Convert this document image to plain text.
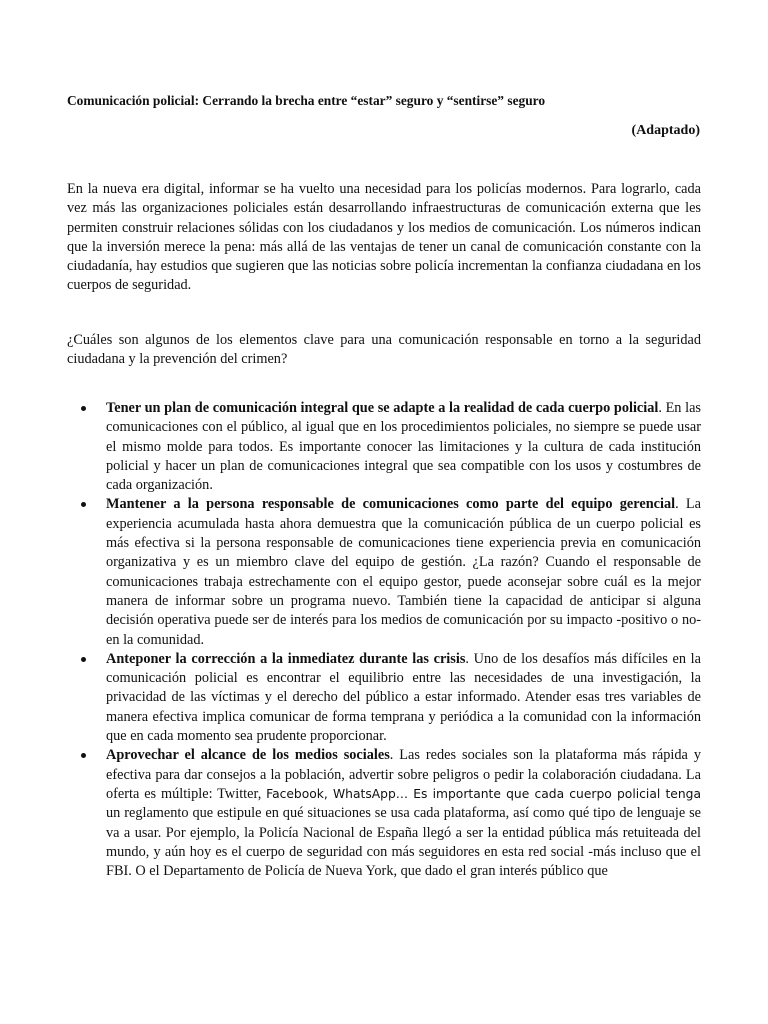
Comunicación policial: Cerrando la brecha entre “estar” seguro y “sentirse” seguro
(Adaptado)

En la nueva era digital, informar se ha vuelto una necesidad para los policías modernos. Para lograrlo, cada vez más las organizaciones policiales están desarrollando infraestructuras de comunicación externa que les permiten construir relaciones sólidas con los ciudadanos y los medios de comunicación. Los números indican que la inversión merece la pena: más allá de las ventajas de tener un canal de comunicación constante con la ciudadanía, hay estudios que sugieren que las noticias sobre policía incrementan la confianza ciudadana en los cuerpos de seguridad.

¿Cuáles son algunos de los elementos clave para una comunicación responsable en torno a la seguridad ciudadana y la prevención del crimen?

Tener un plan de comunicación integral que se adapte a la realidad de cada cuerpo policial. En las comunicaciones con el público, al igual que en los procedimientos policiales, no siempre se puede usar el mismo molde para todos. Es importante conocer las limitaciones y la cultura de cada institución policial y hacer un plan de comunicaciones integral que sea compatible con los usos y costumbres de cada organización.
Mantener a la persona responsable de comunicaciones como parte del equipo gerencial. La experiencia acumulada hasta ahora demuestra que la comunicación pública de un cuerpo policial es más efectiva si la persona responsable de comunicaciones tiene experiencia previa en comunicación organizativa y es un miembro clave del equipo de gestión. ¿La razón? Cuando el responsable de comunicaciones trabaja estrechamente con el equipo gestor, puede aconsejar sobre cuál es la mejor manera de informar sobre un programa nuevo. También tiene la capacidad de anticipar si alguna decisión operativa puede ser de interés para los medios de comunicación por su impacto -positivo o no- en la comunidad.
Anteponer la corrección a la inmediatez durante las crisis. Uno de los desafíos más difíciles en la comunicación policial es encontrar el equilibrio entre las necesidades de una investigación, la privacidad de las víctimas y el derecho del público a estar informado. Atender esas tres variables de manera efectiva implica comunicar de forma temprana y periódica a la comunidad con la información que en cada momento sea prudente proporcionar.
Aprovechar el alcance de los medios sociales. Las redes sociales son la plataforma más rápida y efectiva para dar consejos a la población, advertir sobre peligros o pedir la colaboración ciudadana. La oferta es múltiple: Twitter, Facebook, WhatsApp… Es importante que cada cuerpo policial tenga un reglamento que estipule en qué situaciones se usa cada plataforma, así como qué tipo de lenguaje se va a usar. Por ejemplo, la Policía Nacional de España llegó a ser la entidad pública más retuiteada del mundo, y aún hoy es el cuerpo de seguridad con más seguidores en esta red social -más incluso que el FBI. O el Departamento de Policía de Nueva York, que dado el gran interés público que
